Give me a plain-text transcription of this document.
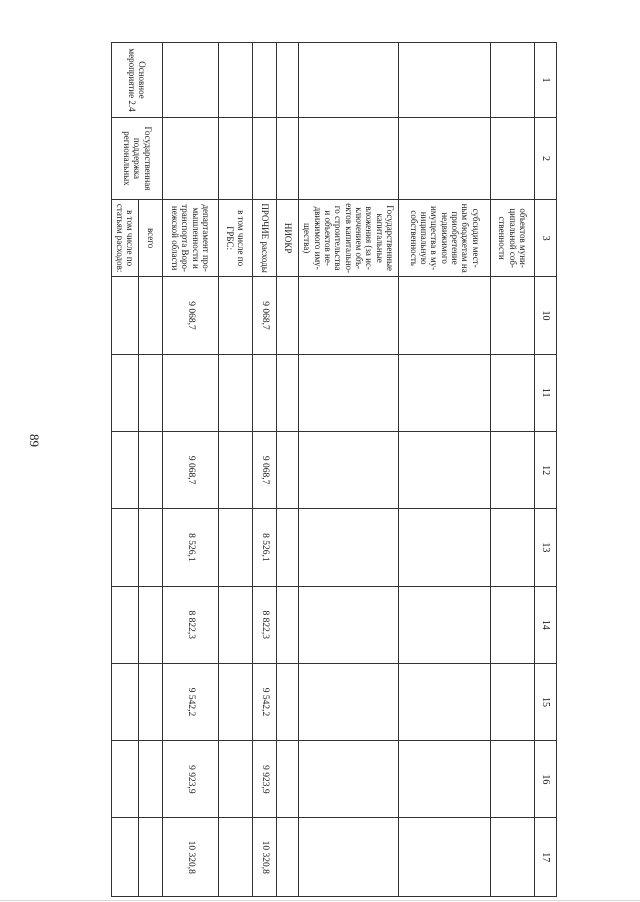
89
1	2	3	10	11	12	13	14	15	16	17
		объектов муни-ципальной соб-ственности								
		субсидии мест-ным бюджетам на приобретение недвижимого имущества в му-ниципальную собственность								
		Государственные капитальные вложения (за ис-ключением объ-ектов капитально-го строительства и объектов не-движимого иму-щества)								
		НИОКР								
		ПРОЧИЕ расходы	9 068,7		9 068,7	8 526,1	8 822,3	9 542,2	9 923,9	10 320,8
		в том числе по ГРБС:								
		департамент про-мышленности и транспорта Воро-нежской области	9 068,7		9 068,7	8 526,1	8 822,3	9 542,2	9 923,9	10 320,8
Основное мероприятие 2.4	Государственная поддержка региональных	всего								
		в том числе по статьям расходов:								
